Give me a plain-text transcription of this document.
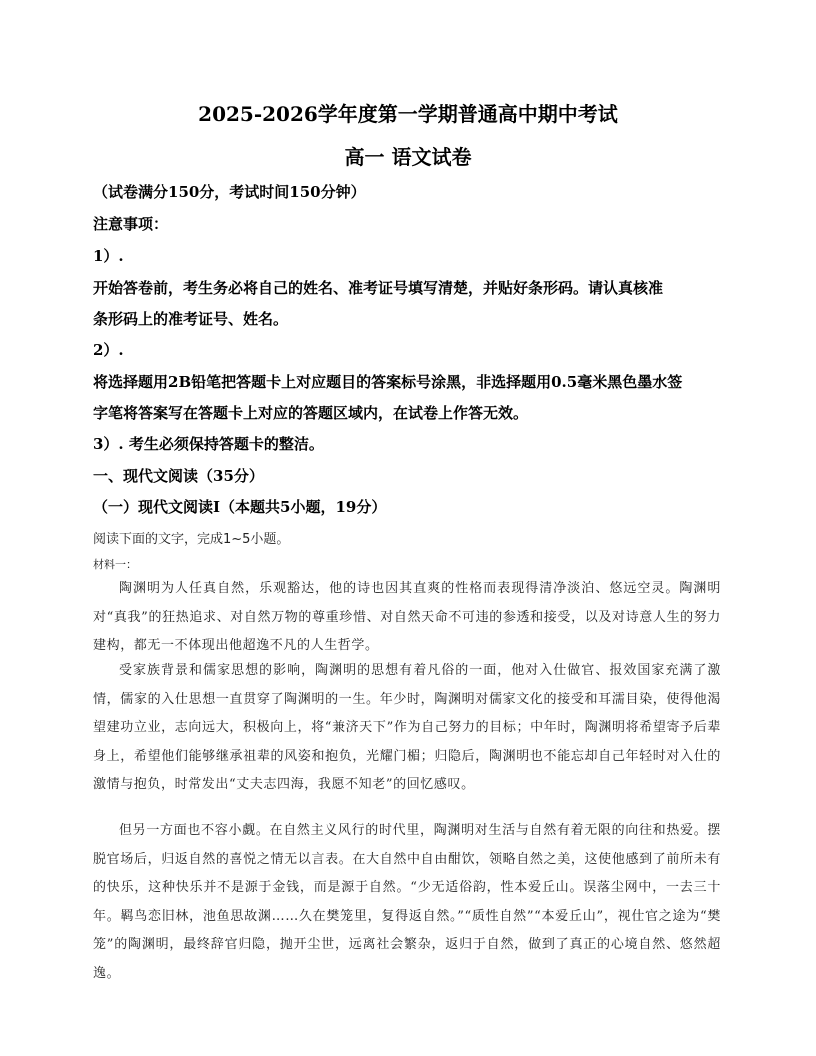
2025-2026学年度第一学期普通高中期中考试
高一 语文试卷
（试卷满分150分，考试时间150分钟）
注意事项：
1）.
开始答卷前，考生务必将自己的姓名、准考证号填写清楚，并贴好条形码。请认真核准
条形码上的准考证号、姓名。
2）.
将选择题用2B铅笔把答题卡上对应题目的答案标号涂黑，非选择题用0.5毫米黑色墨水签
字笔将答案写在答题卡上对应的答题区域内，在试卷上作答无效。
3）. 考生必须保持答题卡的整洁。
一、现代文阅读（35分）
（一）现代文阅读Ⅰ（本题共5小题，19分）
阅读下面的文字，完成1~5小题。
材料一：
陶渊明为人任真自然，乐观豁达，他的诗也因其直爽的性格而表现得清净淡泊、悠远空灵。陶渊明对“真我”的狂热追求、对自然万物的尊重珍惜、对自然天命不可违的参透和接受，以及对诗意人生的努力建构，都无一不体现出他超逸不凡的人生哲学。
受家族背景和儒家思想的影响，陶渊明的思想有着凡俗的一面，他对入仕做官、报效国家充满了激情，儒家的入仕思想一直贯穿了陶渊明的一生。年少时，陶渊明对儒家文化的接受和耳濡目染，使得他渴望建功立业，志向远大，积极向上，将“兼济天下”作为自己努力的目标；中年时，陶渊明将希望寄予后辈身上，希望他们能够继承祖辈的风姿和抱负，光耀门楣；归隐后，陶渊明也不能忘却自己年轻时对入仕的激情与抱负，时常发出“丈夫志四海，我愿不知老”的回忆感叹。
但另一方面也不容小觑。在自然主义风行的时代里，陶渊明对生活与自然有着无限的向往和热爱。摆脱官场后，归返自然的喜悦之情无以言表。在大自然中自由酣饮，领略自然之美，这使他感到了前所未有的快乐，这种快乐并不是源于金钱，而是源于自然。“少无适俗韵，性本爱丘山。误落尘网中，一去三十年。羁鸟恋旧林，池鱼思故渊……久在樊笼里，复得返自然。”“质性自然”“本爱丘山”，视仕官之途为“樊笼”的陶渊明，最终辞官归隐，抛开尘世，远离社会繁杂，返归于自然，做到了真正的心境自然、悠然超逸。
